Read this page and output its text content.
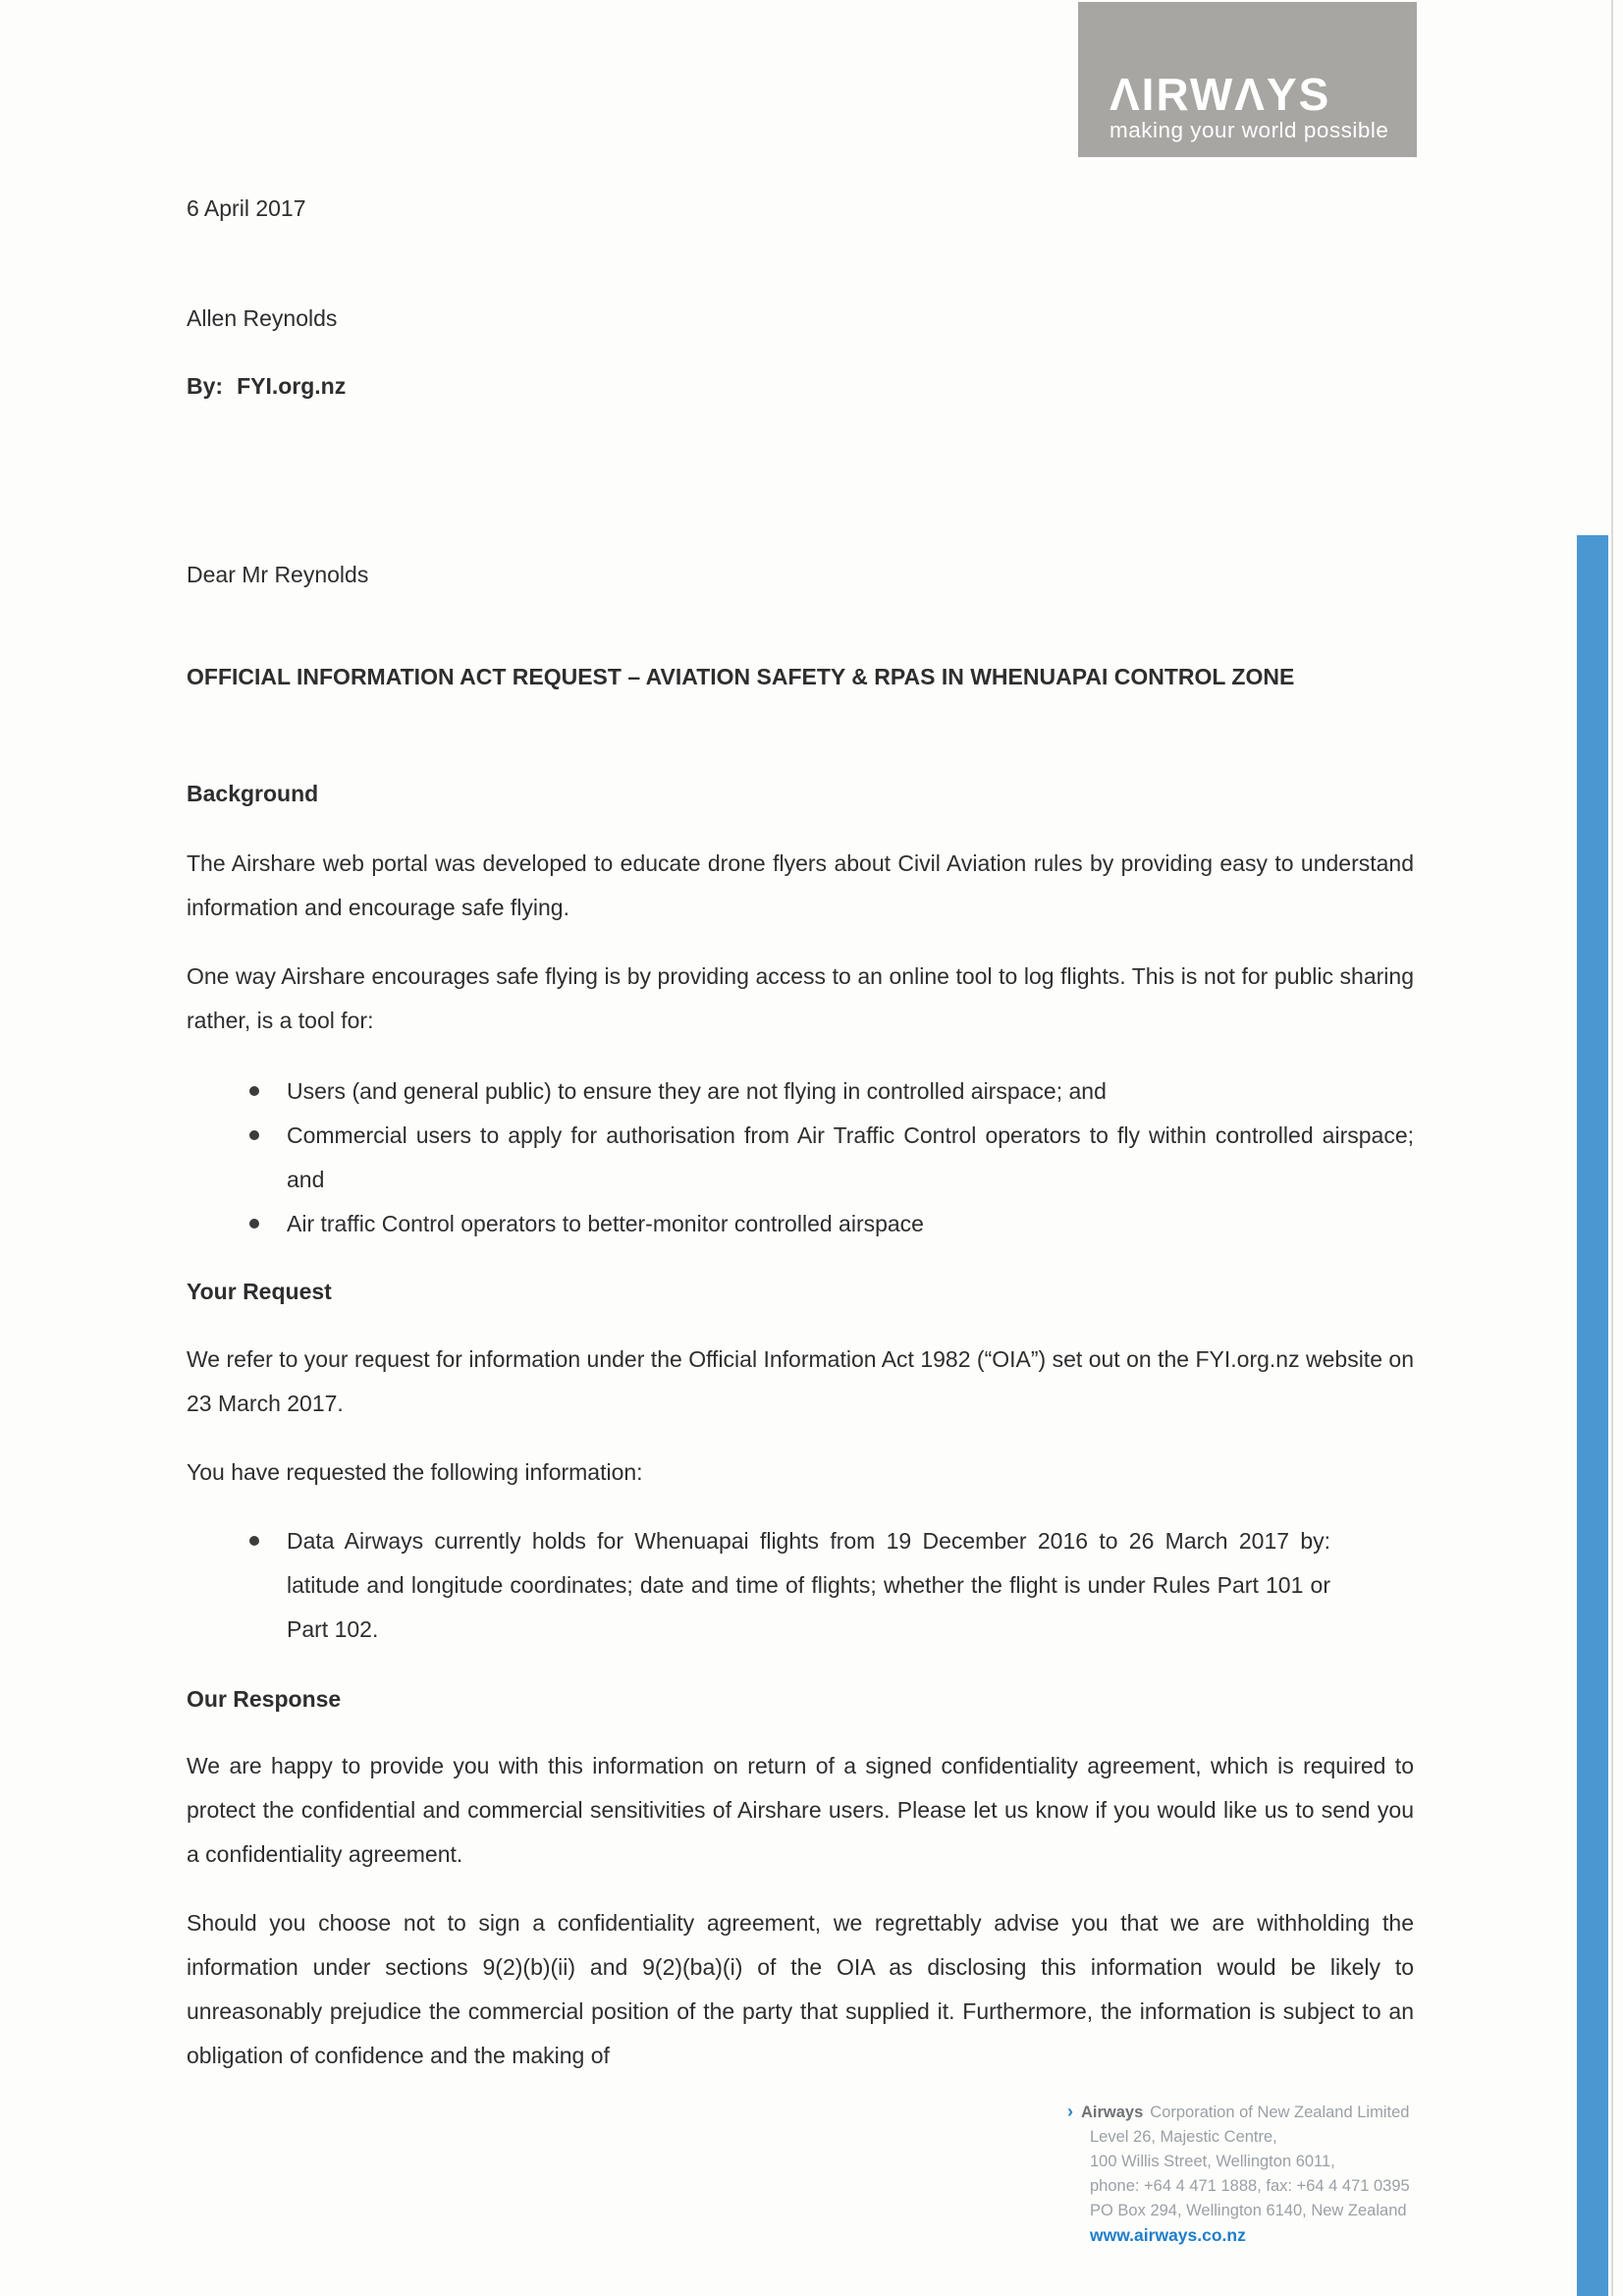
ΛIRWΛYS
making your world possible
6 April 2017
Allen Reynolds
By: FYI.org.nz
Dear Mr Reynolds
OFFICIAL INFORMATION ACT REQUEST – AVIATION SAFETY & RPAS IN WHENUAPAI CONTROL ZONE
Background
The Airshare web portal was developed to educate drone flyers about Civil Aviation rules by providing easy to understand information and encourage safe flying.
One way Airshare encourages safe flying is by providing access to an online tool to log flights. This is not for public sharing rather, is a tool for:
Users (and general public) to ensure they are not flying in controlled airspace; and
Commercial users to apply for authorisation from Air Traffic Control operators to fly within controlled airspace; and
Air traffic Control operators to better-monitor controlled airspace
Your Request
We refer to your request for information under the Official Information Act 1982 (“OIA”) set out on the FYI.org.nz website on 23 March 2017.
You have requested the following information:
Data Airways currently holds for Whenuapai flights from 19 December 2016 to 26 March 2017 by: latitude and longitude coordinates; date and time of flights; whether the flight is under Rules Part 101 or Part 102.
Our Response
We are happy to provide you with this information on return of a signed confidentiality agreement, which is required to protect the confidential and commercial sensitivities of Airshare users. Please let us know if you would like us to send you a confidentiality agreement.
Should you choose not to sign a confidentiality agreement, we regrettably advise you that we are withholding the information under sections 9(2)(b)(ii) and 9(2)(ba)(i) of the OIA as disclosing this information would be likely to unreasonably prejudice the commercial position of the party that supplied it. Furthermore, the information is subject to an obligation of confidence and the making of
› Airways Corporation of New Zealand Limited
Level 26, Majestic Centre,
100 Willis Street, Wellington 6011,
phone: +64 4 471 1888, fax: +64 4 471 0395
PO Box 294, Wellington 6140, New Zealand
www.airways.co.nz
